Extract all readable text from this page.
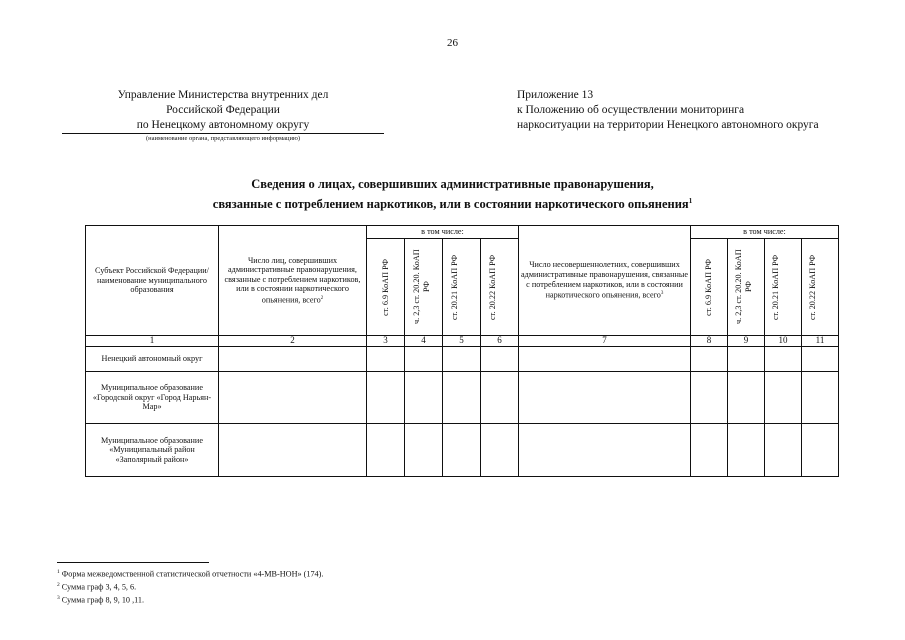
26
Управление Министерства внутренних дел
Российской Федерации
по Ненецкому автономному округу
(наименование органа, представляющего информацию)
Приложение 13
к Положению об осуществлении мониторинга
наркоситуации на территории Ненецкого автономного округа
Сведения о лицах, совершивших административные правонарушения,
связанные с потреблением наркотиков, или в состоянии наркотического опьянения$^1$
Субъект Российской Федерации/ наименование муниципального образования	Число лиц, совершивших административные правонарушения, связанные с потреблением наркотиков, или в состоянии наркотического опьянения, всего$^2$	в том числе:				Число несовершеннолетних, совершивших административные правонарушения, связанные с потреблением наркотиков, или в состоянии наркотического опьянения, всего$^3$	в том числе:			

		ст. 6.9 КоАП РФ	ч. 2,3 ст. 20.20. КоАП РФ	ст. 20.21 КоАП РФ	ст. 20.22 КоАП РФ		ст. 6.9 КоАП РФ	ч. 2,3 ст. 20.20. КоАП РФ	ст. 20.21 КоАП РФ	ст. 20.22 КоАП РФ

1	2	3	4	5	6	7	8	9	10	11
Ненецкий автономный округ										
Муниципальное образование «Городской округ «Город Нарьян-Мар»										
Муниципальное образование «Муниципальный район «Заполярный район»										
$^1$ Форма межведомственной статистической отчетности «4-МВ-НОН» (174).
$^2$ Сумма граф 3, 4, 5, 6.
$^3$ Сумма граф 8, 9, 10 ,11.
